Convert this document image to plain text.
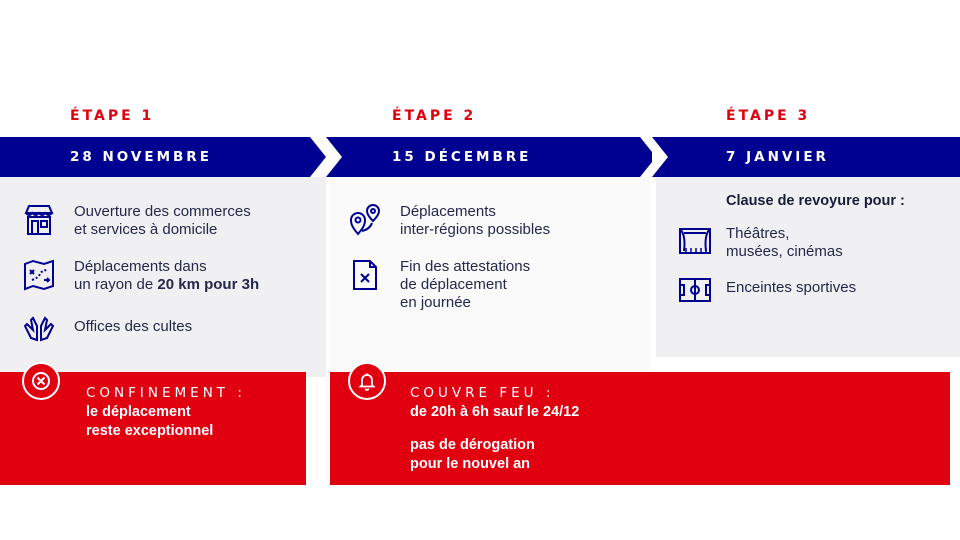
ÉTAPE 1	ÉTAPE 2	ÉTAPE 3
28 NOVEMBRE	15 DÉCEMBRE	7 JANVIER
Ouverture des commerces
et services à domicile
Déplacements dans
un rayon de 20 km pour 3h
Offices des cultes
Déplacements
inter-régions possibles
Fin des attestations
de déplacement
en journée
Clause de revoyure pour :
Théâtres,
musées, cinémas
Enceintes sportives
CONFINEMENT :
le déplacement
reste exceptionnel
COUVRE FEU :
de 20h à 6h sauf le 24/12
pas de dérogation
pour le nouvel an
